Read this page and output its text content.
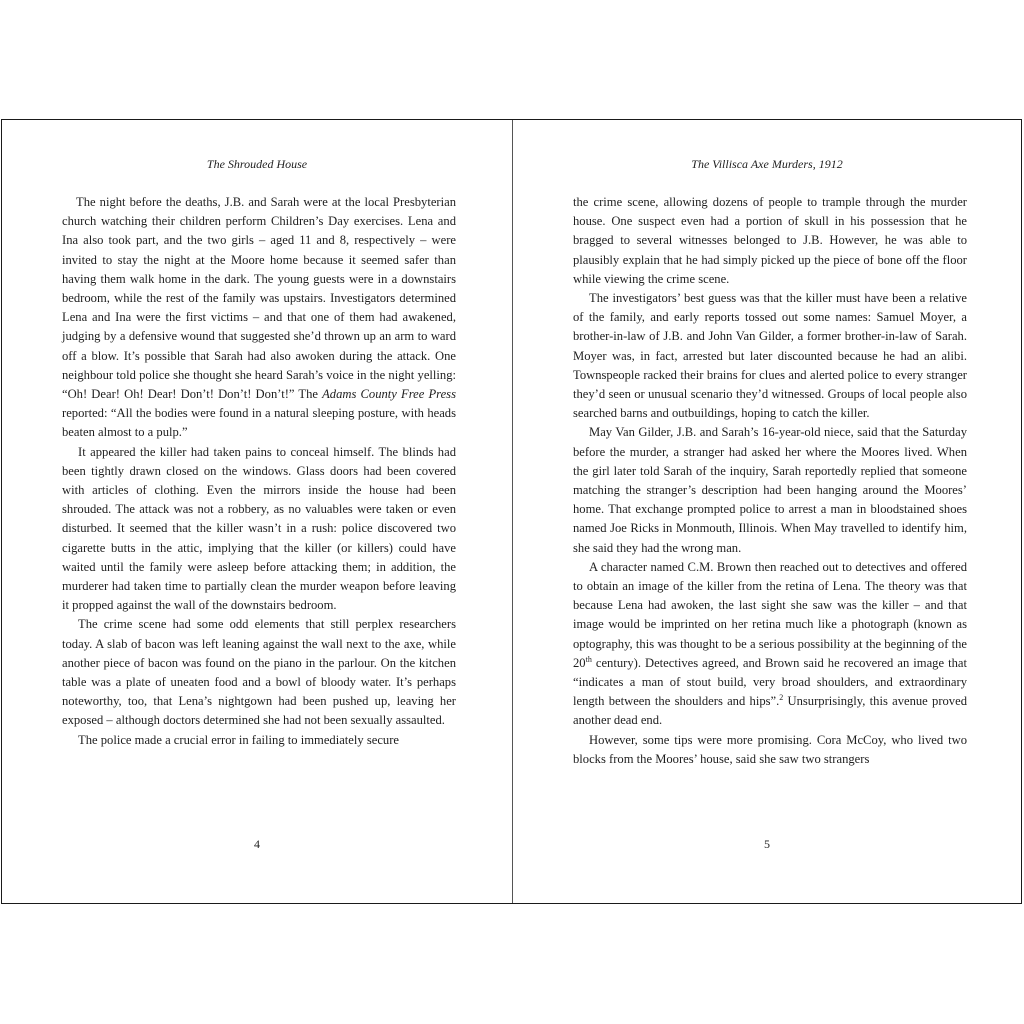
The Shrouded House

The night before the deaths, J.B. and Sarah were at the local Presbyterian church watching their children perform Children’s Day exercises. Lena and Ina also took part, and the two girls – aged 11 and 8, respectively – were invited to stay the night at the Moore home because it seemed safer than having them walk home in the dark. The young guests were in a downstairs bedroom, while the rest of the family was upstairs. Investigators determined Lena and Ina were the first victims – and that one of them had awakened, judging by a defensive wound that suggested she’d thrown up an arm to ward off a blow. It’s possible that Sarah had also awoken during the attack. One neighbour told police she thought she heard Sarah’s voice in the night yelling: “Oh! Dear! Oh! Dear! Don’t! Don’t! Don’t!” The Adams County Free Press reported: “All the bodies were found in a natural sleeping posture, with heads beaten almost to a pulp.”

It appeared the killer had taken pains to conceal himself. The blinds had been tightly drawn closed on the windows. Glass doors had been covered with articles of clothing. Even the mirrors inside the house had been shrouded. The attack was not a robbery, as no valuables were taken or even disturbed. It seemed that the killer wasn’t in a rush: police discovered two cigarette butts in the attic, implying that the killer (or killers) could have waited until the family were asleep before attacking them; in addition, the murderer had taken time to partially clean the murder weapon before leaving it propped against the wall of the downstairs bedroom.

The crime scene had some odd elements that still perplex researchers today. A slab of bacon was left leaning against the wall next to the axe, while another piece of bacon was found on the piano in the parlour. On the kitchen table was a plate of uneaten food and a bowl of bloody water. It’s perhaps noteworthy, too, that Lena’s nightgown had been pushed up, leaving her exposed – although doctors determined she had not been sexually assaulted.

The police made a crucial error in failing to immediately secure

4
The Villisca Axe Murders, 1912

the crime scene, allowing dozens of people to trample through the murder house. One suspect even had a portion of skull in his possession that he bragged to several witnesses belonged to J.B. However, he was able to plausibly explain that he had simply picked up the piece of bone off the floor while viewing the crime scene.

The investigators’ best guess was that the killer must have been a relative of the family, and early reports tossed out some names: Samuel Moyer, a brother-in-law of J.B. and John Van Gilder, a former brother-in-law of Sarah. Moyer was, in fact, arrested but later discounted because he had an alibi. Townspeople racked their brains for clues and alerted police to every stranger they’d seen or unusual scenario they’d witnessed. Groups of local people also searched barns and outbuildings, hoping to catch the killer.

May Van Gilder, J.B. and Sarah’s 16-year-old niece, said that the Saturday before the murder, a stranger had asked her where the Moores lived. When the girl later told Sarah of the inquiry, Sarah reportedly replied that someone matching the stranger’s description had been hanging around the Moores’ home. That exchange prompted police to arrest a man in bloodstained shoes named Joe Ricks in Monmouth, Illinois. When May travelled to identify him, she said they had the wrong man.

A character named C.M. Brown then reached out to detectives and offered to obtain an image of the killer from the retina of Lena. The theory was that because Lena had awoken, the last sight she saw was the killer – and that image would be imprinted on her retina much like a photograph (known as optography, this was thought to be a serious possibility at the beginning of the 20th century). Detectives agreed, and Brown said he recovered an image that “indicates a man of stout build, very broad shoulders, and extraordinary length between the shoulders and hips”.$^2$ Unsurprisingly, this avenue proved another dead end.

However, some tips were more promising. Cora McCoy, who lived two blocks from the Moores’ house, said she saw two strangers

5
